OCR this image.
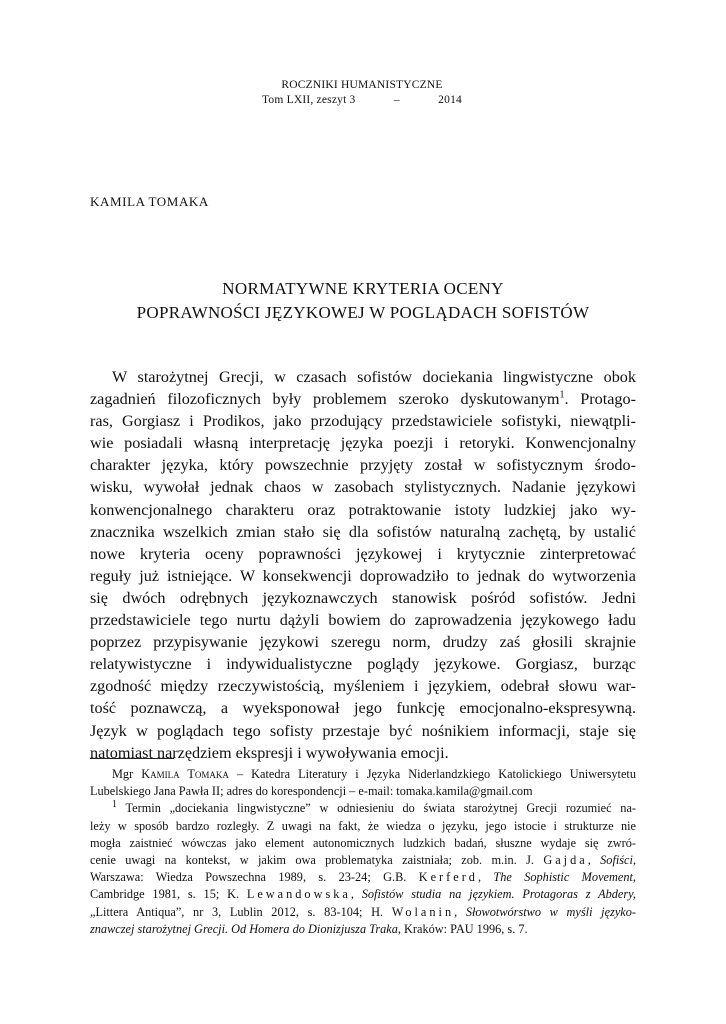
ROCZNIKI HUMANISTYCZNE
Tom LXII, zeszyt 3	–	2014
KAMILA TOMAKA
NORMATYWNE KRYTERIA OCENY
POPRAWNOŚCI JĘZYKOWEJ W POGLĄDACH SOFISTÓW
W starożytnej Grecji, w czasach sofistów dociekania lingwistyczne obok
zagadnień filozoficznych były problemem szeroko dyskutowanym$^1$. Protago-
ras, Gorgiasz i Prodikos, jako przodujący przedstawiciele sofistyki, niewątpli-
wie posiadali własną interpretację języka poezji i retoryki. Konwencjonalny
charakter języka, który powszechnie przyjęty został w sofistycznym środo-
wisku, wywołał jednak chaos w zasobach stylistycznych. Nadanie językowi
konwencjonalnego charakteru oraz potraktowanie istoty ludzkiej jako wy-
znacznika wszelkich zmian stało się dla sofistów naturalną zachętą, by ustalić
nowe kryteria oceny poprawności językowej i krytycznie zinterpretować
reguły już istniejące. W konsekwencji doprowadziło to jednak do wytworzenia
się dwóch odrębnych językoznawczych stanowisk pośród sofistów. Jedni
przedstawiciele tego nurtu dążyli bowiem do zaprowadzenia językowego ładu
poprzez przypisywanie językowi szeregu norm, drudzy zaś głosili skrajnie
relatywistyczne i indywidualistyczne poglądy językowe. Gorgiasz, burząc
zgodność między rzeczywistością, myśleniem i językiem, odebrał słowu war-
tość poznawczą, a wyeksponował jego funkcję emocjonalno-ekspresywną.
Język w poglądach tego sofisty przestaje być nośnikiem informacji, staje się
natomiast narzędziem ekspresji i wywoływania emocji.
Mgr Kamila Tomaka – Katedra Literatury i Języka Niderlandzkiego Katolickiego Uniwersytetu
Lubelskiego Jana Pawła II; adres do korespondencji – e-mail: tomaka.kamila@gmail.com
$^1$ Termin „dociekania lingwistyczne” w odniesieniu do świata starożytnej Grecji rozumieć na-
leży w sposób bardzo rozległy. Z uwagi na fakt, że wiedza o języku, jego istocie i strukturze nie
mogła zaistnieć wówczas jako element autonomicznych ludzkich badań, słuszne wydaje się zwró-
cenie uwagi na kontekst, w jakim owa problematyka zaistniała; zob. m.in. J. Gajda, Sofiści,
Warszawa: Wiedza Powszechna 1989, s. 23-24; G.B. Kerferd, The Sophistic Movement,
Cambridge 1981, s. 15; K. Lewandowska, Sofistów studia na językiem. Protagoras z Abdery,
„Littera Antiqua”, nr 3, Lublin 2012, s. 83-104; H. Wolanin, Słowotwórstwo w myśli języko-
znawczej starożytnej Grecji. Od Homera do Dionizjusza Traka, Kraków: PAU 1996, s. 7.
